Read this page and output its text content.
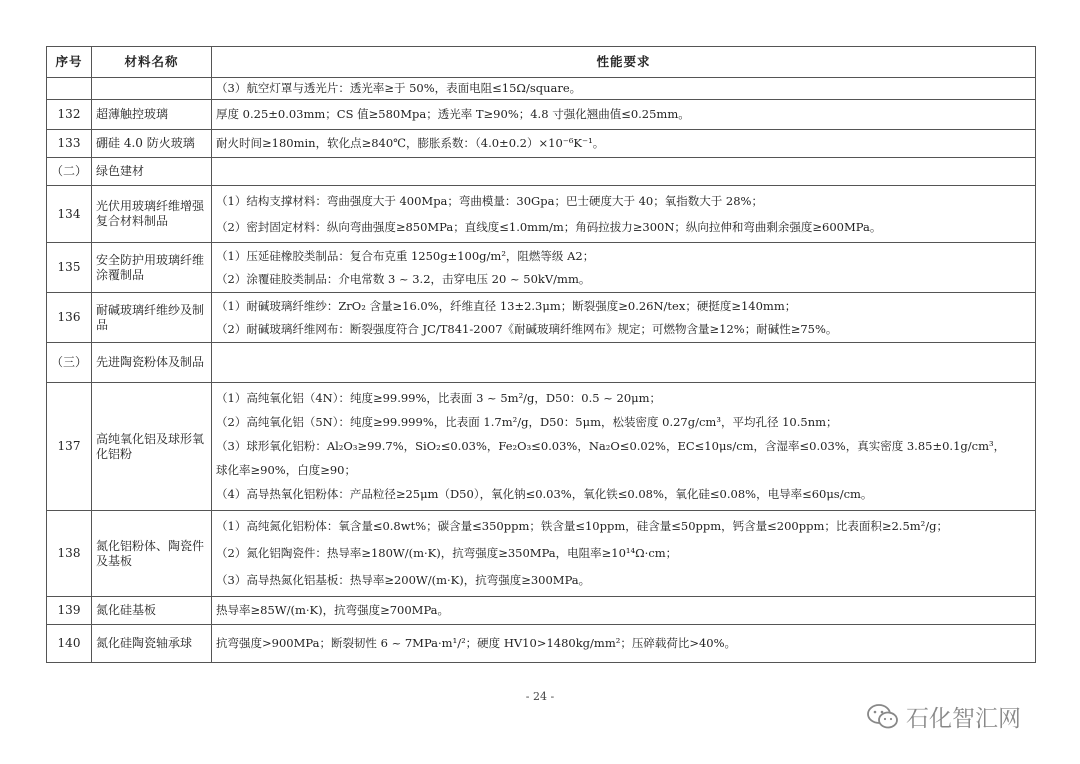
序号	材料名称	性能要求

（3）航空灯罩与透光片：透光率≥于 50%，表面电阻≤15Ω/square。

132	超薄触控玻璃	厚度 0.25±0.03mm；CS 值≥580Mpa；透光率 T≥90%；4.8 寸强化翘曲值≤0.25mm。

133	硼硅 4.0 防火玻璃	耐火时间≥180min，软化点≥840℃，膨胀系数：（4.0±0.2）×10⁻⁶K⁻¹。

（二）	绿色建材	

134	光伏用玻璃纤维增强复合材料制品	（1）结构支撑材料：弯曲强度大于 400Mpa；弯曲模量：30Gpa；巴士硬度大于 40；氧指数大于 28%；
（2）密封固定材料：纵向弯曲强度≥850MPa；直线度≤1.0mm/m；角码拉拔力≥300N；纵向拉伸和弯曲剩余强度≥600MPa。

135	安全防护用玻璃纤维涂覆制品	（1）压延硅橡胶类制品：复合布克重 1250g±100g/m²，阻燃等级 A2；
（2）涂覆硅胶类制品：介电常数 3 ~ 3.2，击穿电压 20 ~ 50kV/mm。

136	耐碱玻璃纤维纱及制品	（1）耐碱玻璃纤维纱：ZrO₂ 含量≥16.0%，纤维直径 13±2.3μm；断裂强度≥0.26N/tex；硬挺度≥140mm；
（2）耐碱玻璃纤维网布：断裂强度符合 JC/T841-2007《耐碱玻璃纤维网布》规定；可燃物含量≥12%；耐碱性≥75%。

（三）	先进陶瓷粉体及制品	

137	高纯氧化铝及球形氧化铝粉	（1）高纯氧化铝（4N）：纯度≥99.99%，比表面 3 ~ 5m²/g，D50：0.5 ~ 20μm；
（2）高纯氧化铝（5N）：纯度≥99.999%，比表面 1.7m²/g，D50：5μm，松装密度 0.27g/cm³，平均孔径 10.5nm；
（3）球形氧化铝粉：Al₂O₃≥99.7%，SiO₂≤0.03%，Fe₂O₃≤0.03%，Na₂O≤0.02%，EC≤10μs/cm，含湿率≤0.03%，真实密度 3.85±0.1g/cm³，
球化率≥90%，白度≥90；
（4）高导热氧化铝粉体：产品粒径≥25μm（D50），氧化钠≤0.03%，氧化铁≤0.08%，氧化硅≤0.08%，电导率≤60μs/cm。

138	氮化铝粉体、陶瓷件及基板	（1）高纯氮化铝粉体：氧含量≤0.8wt%；碳含量≤350ppm；铁含量≤10ppm，硅含量≤50ppm，钙含量≤200ppm；比表面积≥2.5m²/g；
（2）氮化铝陶瓷件：热导率≥180W/(m·K)，抗弯强度≥350MPa，电阻率≥10¹⁴Ω·cm；
（3）高导热氮化铝基板：热导率≥200W/(m·K)，抗弯强度≥300MPa。

139	氮化硅基板	热导率≥85W/(m·K)，抗弯强度≥700MPa。

140	氮化硅陶瓷轴承球	抗弯强度>900MPa；断裂韧性 6 ~ 7MPa·m¹/²；硬度 HV10>1480kg/mm²；压碎载荷比>40%。
- 24 -
石化智汇网
